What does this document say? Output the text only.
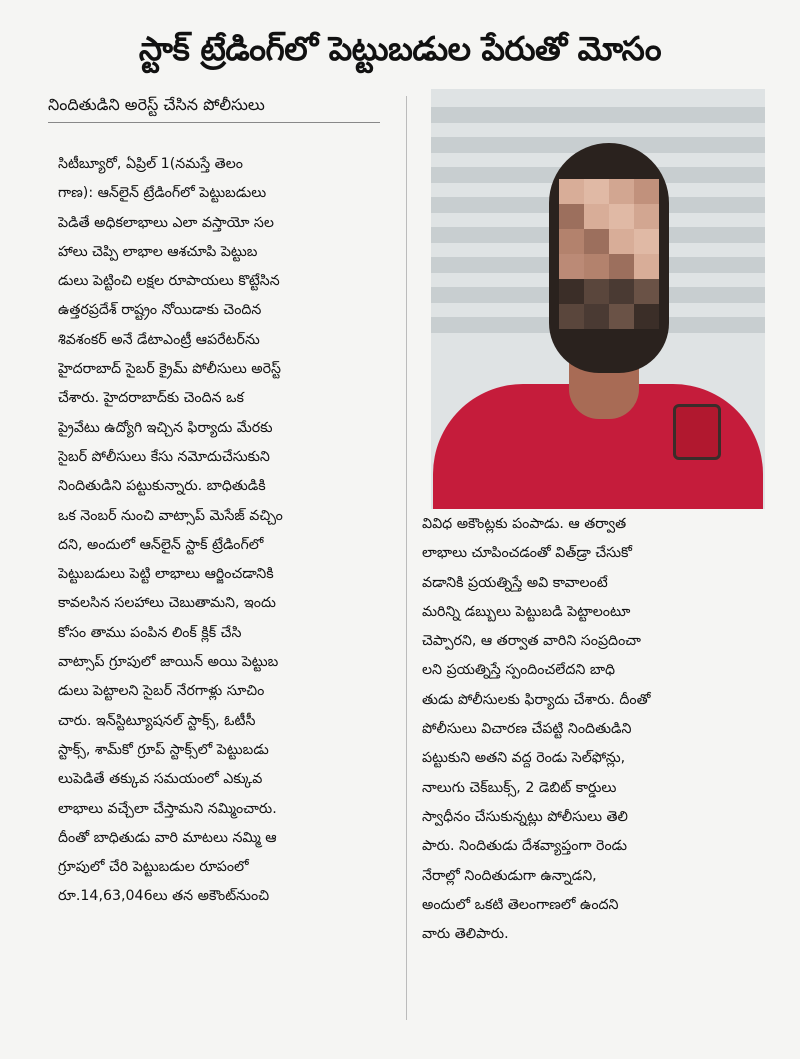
స్టాక్‌ ట్రేడింగ్‌లో పెట్టుబడుల పేరుతో మోసం
నిందితుడిని అరెస్ట్‌ చేసిన పోలీసులు
సిటీబ్యూరో, ఏప్రిల్‌ 1(నమస్తే తెలం
గాణ): ఆన్‌లైన్‌ ట్రేడింగ్‌లో పెట్టుబడులు
పెడితే అధికలాభాలు ఎలా వస్తాయో సల
హాలు చెప్పి లాభాల ఆశచూపి పెట్టుబ
డులు పెట్టించి లక్షల రూపాయలు కొట్టేసిన
ఉత్తరప్రదేశ్‌ రాష్ట్రం నోయిడాకు చెందిన
శివశంకర్‌ అనే డేటాఎంట్రీ ఆపరేటర్‌ను
హైదరాబాద్‌ సైబర్‌ క్రైమ్‌ పోలీసులు అరెస్ట్‌
చేశారు. హైదరాబాద్‌కు చెందిన ఒక
ప్రైవేటు ఉద్యోగి ఇచ్చిన ఫిర్యాదు మేరకు
సైబర్‌ పోలీసులు కేసు నమోదుచేసుకుని
నిందితుడిని పట్టుకున్నారు. బాధితుడికి
ఒక నెంబర్‌ నుంచి వాట్సాప్‌ మెసేజ్‌ వచ్చిం
దని, అందులో ఆన్‌లైన్‌ స్టాక్‌ ట్రేడింగ్‌లో
పెట్టుబడులు పెట్టి లాభాలు ఆర్జించడానికి
కావలసిన సలహాలు చెబుతామని, ఇందు
కోసం తాము పంపిన లింక్‌ క్లిక్‌ చేసి
వాట్సాప్‌ గ్రూపులో జాయిన్‌ అయి పెట్టుబ
డులు పెట్టాలని సైబర్‌ నేరగాళ్లు సూచిం
చారు. ఇన్‌స్టిట్యూషనల్‌ స్టాక్స్‌, ఓటీసీ
స్టాక్స్‌, శామ్‌కో గ్రూప్‌ స్టాక్స్‌లో పెట్టుబడు
లుపెడితే తక్కువ సమయంలో ఎక్కువ
లాభాలు వచ్చేలా చేస్తామని నమ్మించారు.
దీంతో బాధితుడు వారి మాటలు నమ్మి ఆ
గ్రూపులో చేరి పెట్టుబడుల రూపంలో
రూ.14,63,046లు తన అకౌంట్‌నుంచి
వివిధ అకౌంట్లకు పంపాడు. ఆ తర్వాత
లాభాలు చూపించడంతో విత్‌డ్రా చేసుకో
వడానికి ప్రయత్నిస్తే అవి కావాలంటే
మరిన్ని డబ్బులు పెట్టుబడి పెట్టాలంటూ
చెప్పారని, ఆ తర్వాత వారిని సంప్రదించా
లని ప్రయత్నిస్తే స్పందించలేదని బాధి
తుడు పోలీసులకు ఫిర్యాదు చేశారు. దీంతో
పోలీసులు విచారణ చేపట్టి నిందితుడిని
పట్టుకుని అతని వద్ద రెండు సెల్‌ఫోన్లు,
నాలుగు చెక్‌బుక్స్‌, 2 డెబిట్‌ కార్డులు
స్వాధీనం చేసుకున్నట్లు పోలీసులు తెలి
పారు. నిందితుడు దేశవ్యాప్తంగా రెండు
నేరాల్లో నిందితుడుగా ఉన్నాడని,
అందులో ఒకటి తెలంగాణలో ఉందని
వారు తెలిపారు.
